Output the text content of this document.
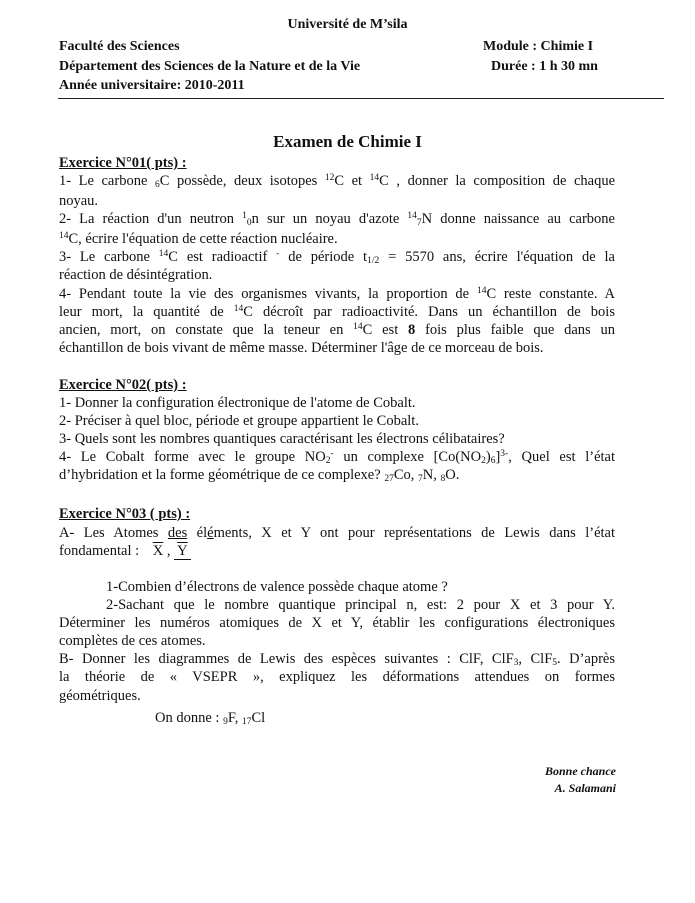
Université de M’sila
Faculté des Sciences
Département des Sciences de la Nature et de la Vie
Année universitaire: 2010-2011
Module : Chimie I
Durée : 1 h 30 mn
Examen de Chimie I
Exercice N°01( pts) :
1- Le carbone 6C possède, deux isotopes $^{12}$C et $^{14}$C , donner la composition de chaque
noyau.
2- La réaction d'un neutron $^1$0n sur un noyau d'azote $^{14}$7N donne naissance au carbone
$^{14}$C, écrire l'équation de cette réaction nucléaire.
3- Le carbone $^{14}$C est radioactif - de période $t_{1/2} = 5570$ ans, écrire l'équation de la
réaction de désintégration.
4- Pendant toute la vie des organismes vivants, la proportion de $^{14}$C reste constante. A
leur mort, la quantité de $^{14}$C décroît par radioactivité. Dans un échantillon de bois
ancien, mort, on constate que la teneur en $^{14}$C est 8 fois plus faible que dans un
échantillon de bois vivant de même masse. Déterminer l'âge de ce morceau de bois.
Exercice N°02( pts) :
1- Donner la configuration électronique de l'atome de Cobalt.
2- Préciser à quel bloc, période et groupe appartient le Cobalt.
3- Quels sont les nombres quantiques caractérisant les électrons célibataires?
4- Le Cobalt forme avec le groupe $NO_2^-$ un complexe $[Co(NO_2)_6]^{3-}$, Quel est l’état
d’hybridation et la forme géométrique de ce complexe? $_{27}$Co, $_7$N, $_8$O.
Exercice N°03 ( pts) :
A- Les Atomes des éléments, X et Y ont pour représentations de Lewis dans l’état
fondamental : $\overline{X}$ , $\overline{Y}$
1-Combien d’électrons de valence possède chaque atome ?
2-Sachant que le nombre quantique principal n, est: 2 pour X et 3 pour Y.
Déterminer les numéros atomiques de X et Y, établir les configurations électroniques
complètes de ces atomes.
B- Donner les diagrammes de Lewis des espèces suivantes : ClF, ClF$_3$, ClF$_5$. D’après
la théorie de « VSEPR », expliquez les déformations attendues on formes
géométriques.
On donne : $_9$F, $_{17}$Cl
Bonne chance
A. Salamani
